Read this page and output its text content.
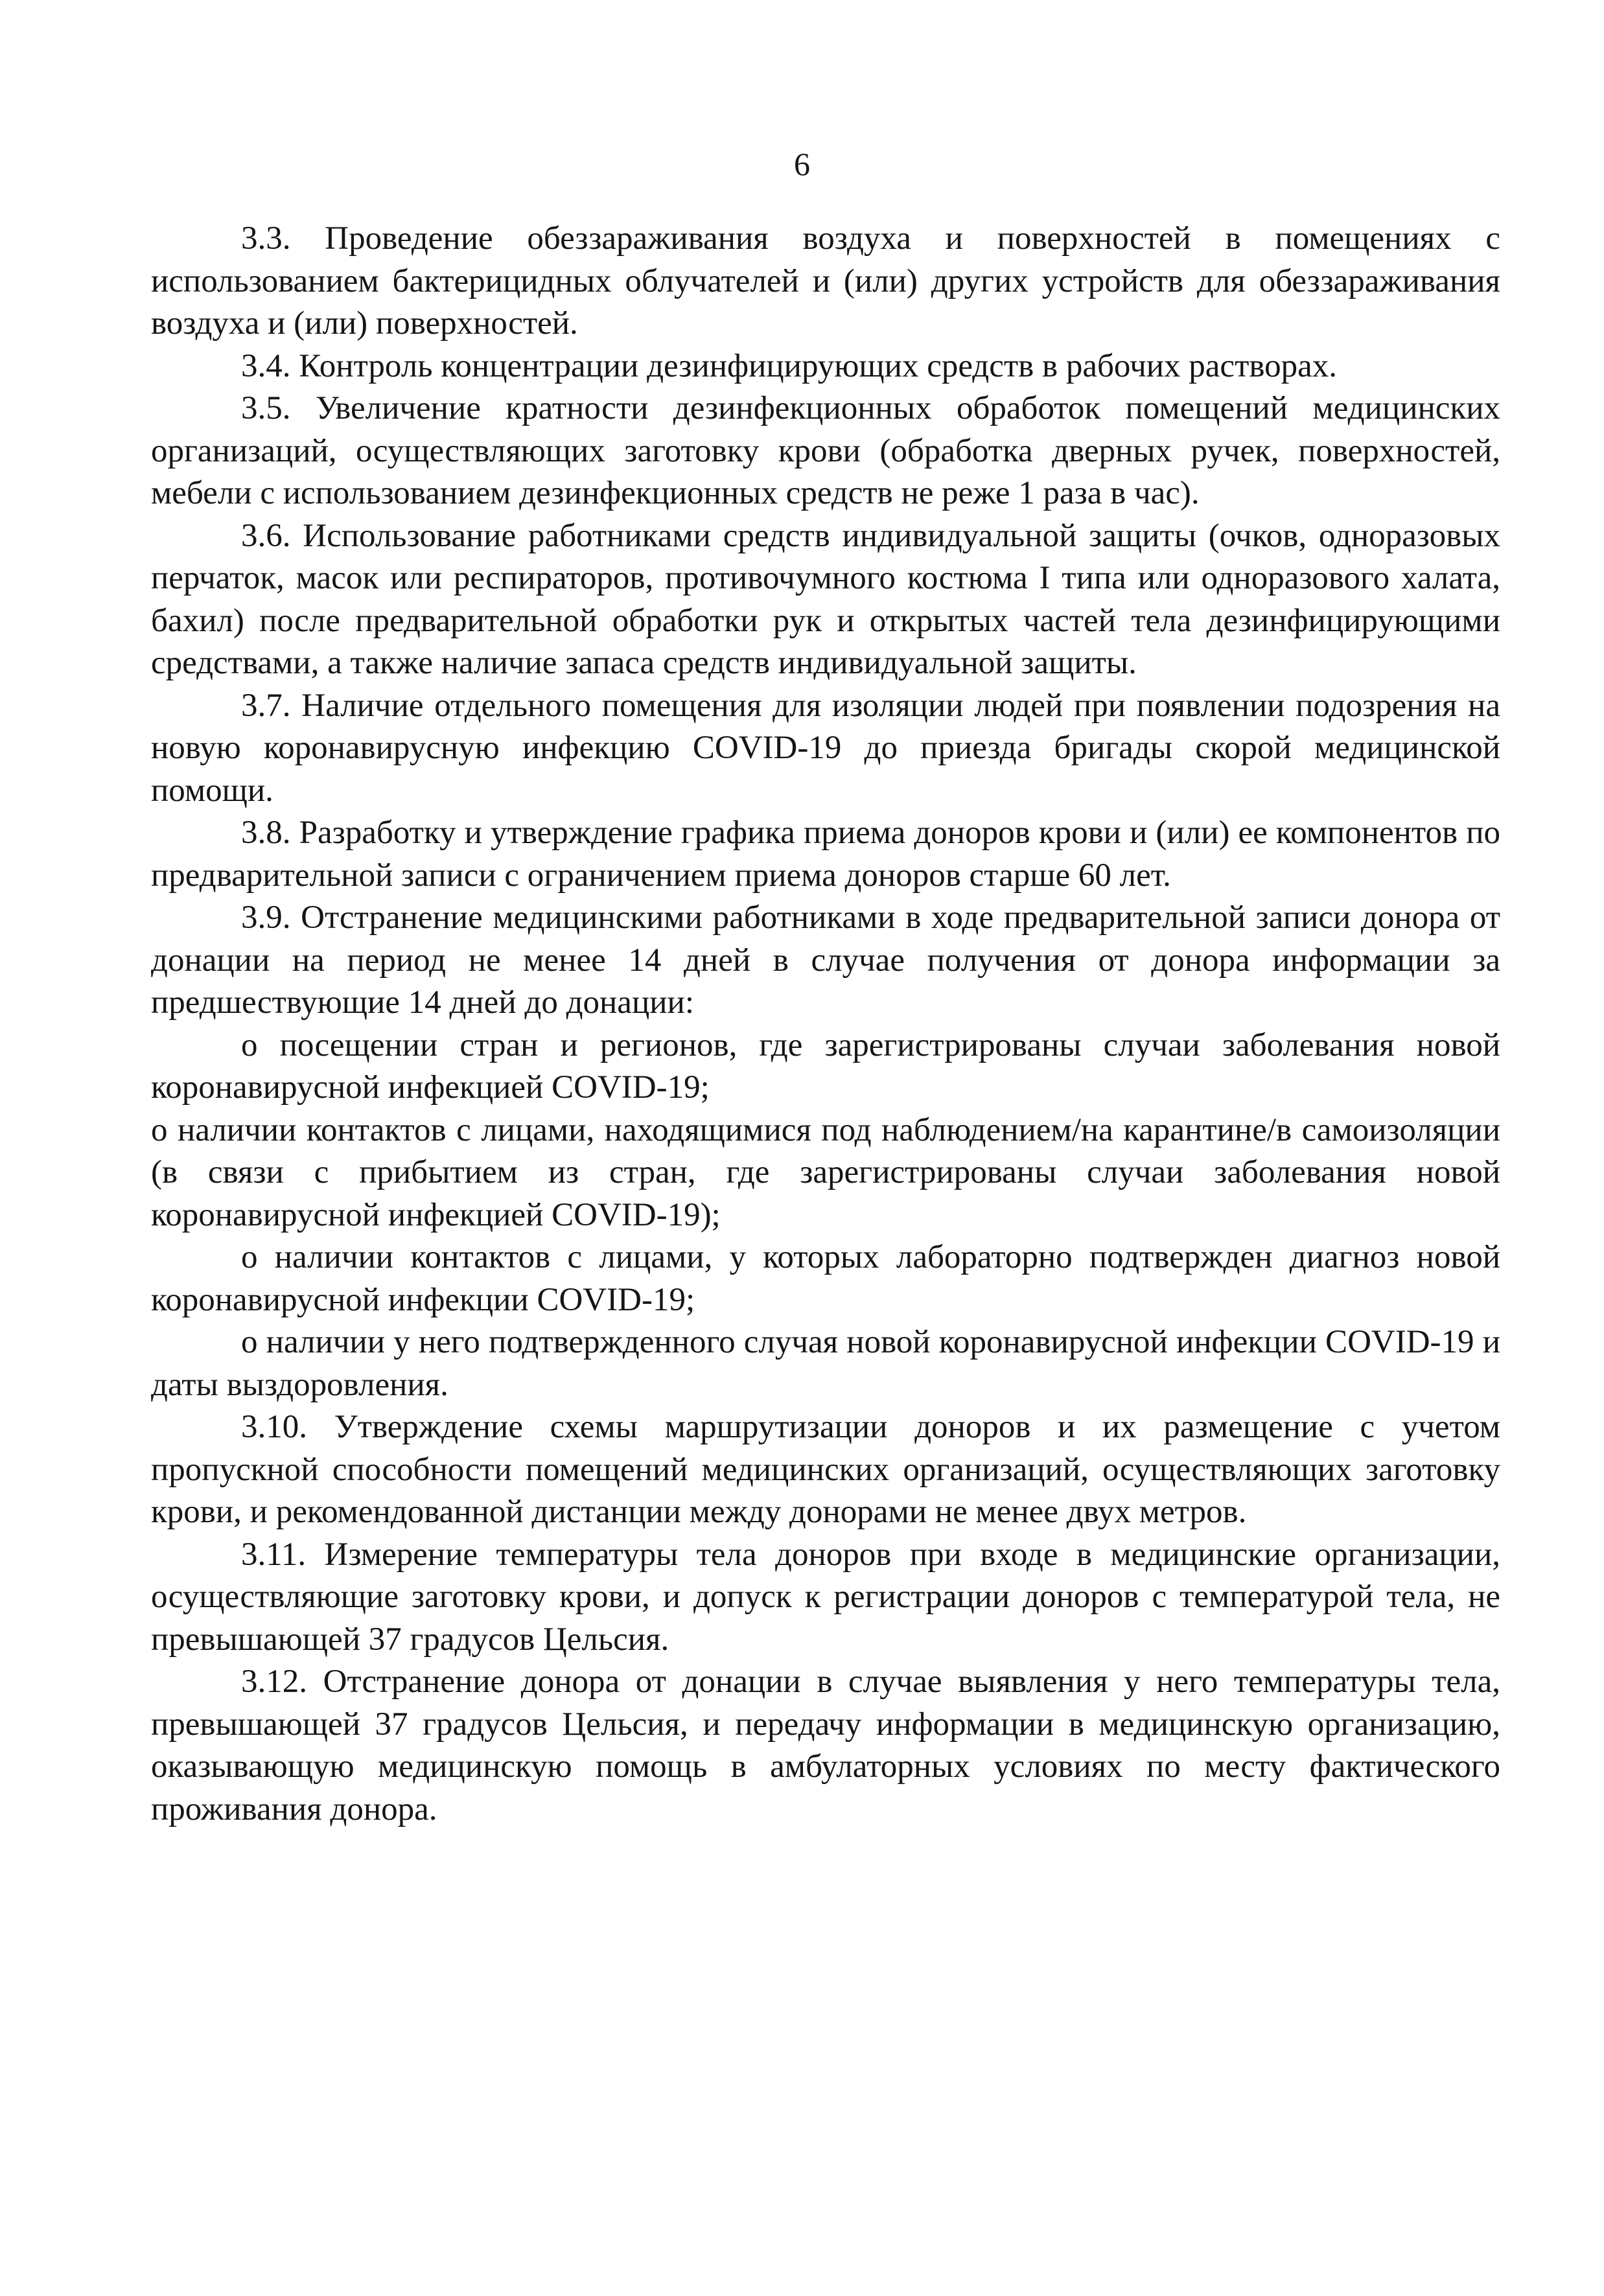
6

3.3. Проведение обеззараживания воздуха и поверхностей в помещениях с использованием бактерицидных облучателей и (или) других устройств для обеззараживания воздуха и (или) поверхностей.

3.4. Контроль концентрации дезинфицирующих средств в рабочих растворах.

3.5. Увеличение кратности дезинфекционных обработок помещений медицинских организаций, осуществляющих заготовку крови (обработка дверных ручек, поверхностей, мебели с использованием дезинфекционных средств не реже 1 раза в час).

3.6. Использование работниками средств индивидуальной защиты (очков, одноразовых перчаток, масок или респираторов, противочумного костюма I типа или одноразового халата, бахил) после предварительной обработки рук и открытых частей тела дезинфицирующими средствами, а также наличие запаса средств индивидуальной защиты.

3.7. Наличие отдельного помещения для изоляции людей при появлении подозрения на новую коронавирусную инфекцию COVID-19 до приезда бригады скорой медицинской помощи.

3.8. Разработку и утверждение графика приема доноров крови и (или) ее компонентов по предварительной записи с ограничением приема доноров старше 60 лет.

3.9. Отстранение медицинскими работниками в ходе предварительной записи донора от донации на период не менее 14 дней в случае получения от донора информации за предшествующие 14 дней до донации:

о посещении стран и регионов, где зарегистрированы случаи заболевания новой коронавирусной инфекцией COVID-19;

о наличии контактов с лицами, находящимися под наблюдением/на карантине/в самоизоляции (в связи с прибытием из стран, где зарегистрированы случаи заболевания новой коронавирусной инфекцией COVID-19);

о наличии контактов с лицами, у которых лабораторно подтвержден диагноз новой коронавирусной инфекции COVID-19;

о наличии у него подтвержденного случая новой коронавирусной инфекции COVID-19 и даты выздоровления.

3.10. Утверждение схемы маршрутизации доноров и их размещение с учетом пропускной способности помещений медицинских организаций, осуществляющих заготовку крови, и рекомендованной дистанции между донорами не менее двух метров.

3.11. Измерение температуры тела доноров при входе в медицинские организации, осуществляющие заготовку крови, и допуск к регистрации доноров с температурой тела, не превышающей 37 градусов Цельсия.

3.12. Отстранение донора от донации в случае выявления у него температуры тела, превышающей 37 градусов Цельсия, и передачу информации в медицинскую организацию, оказывающую медицинскую помощь в амбулаторных условиях по месту фактического проживания донора.
